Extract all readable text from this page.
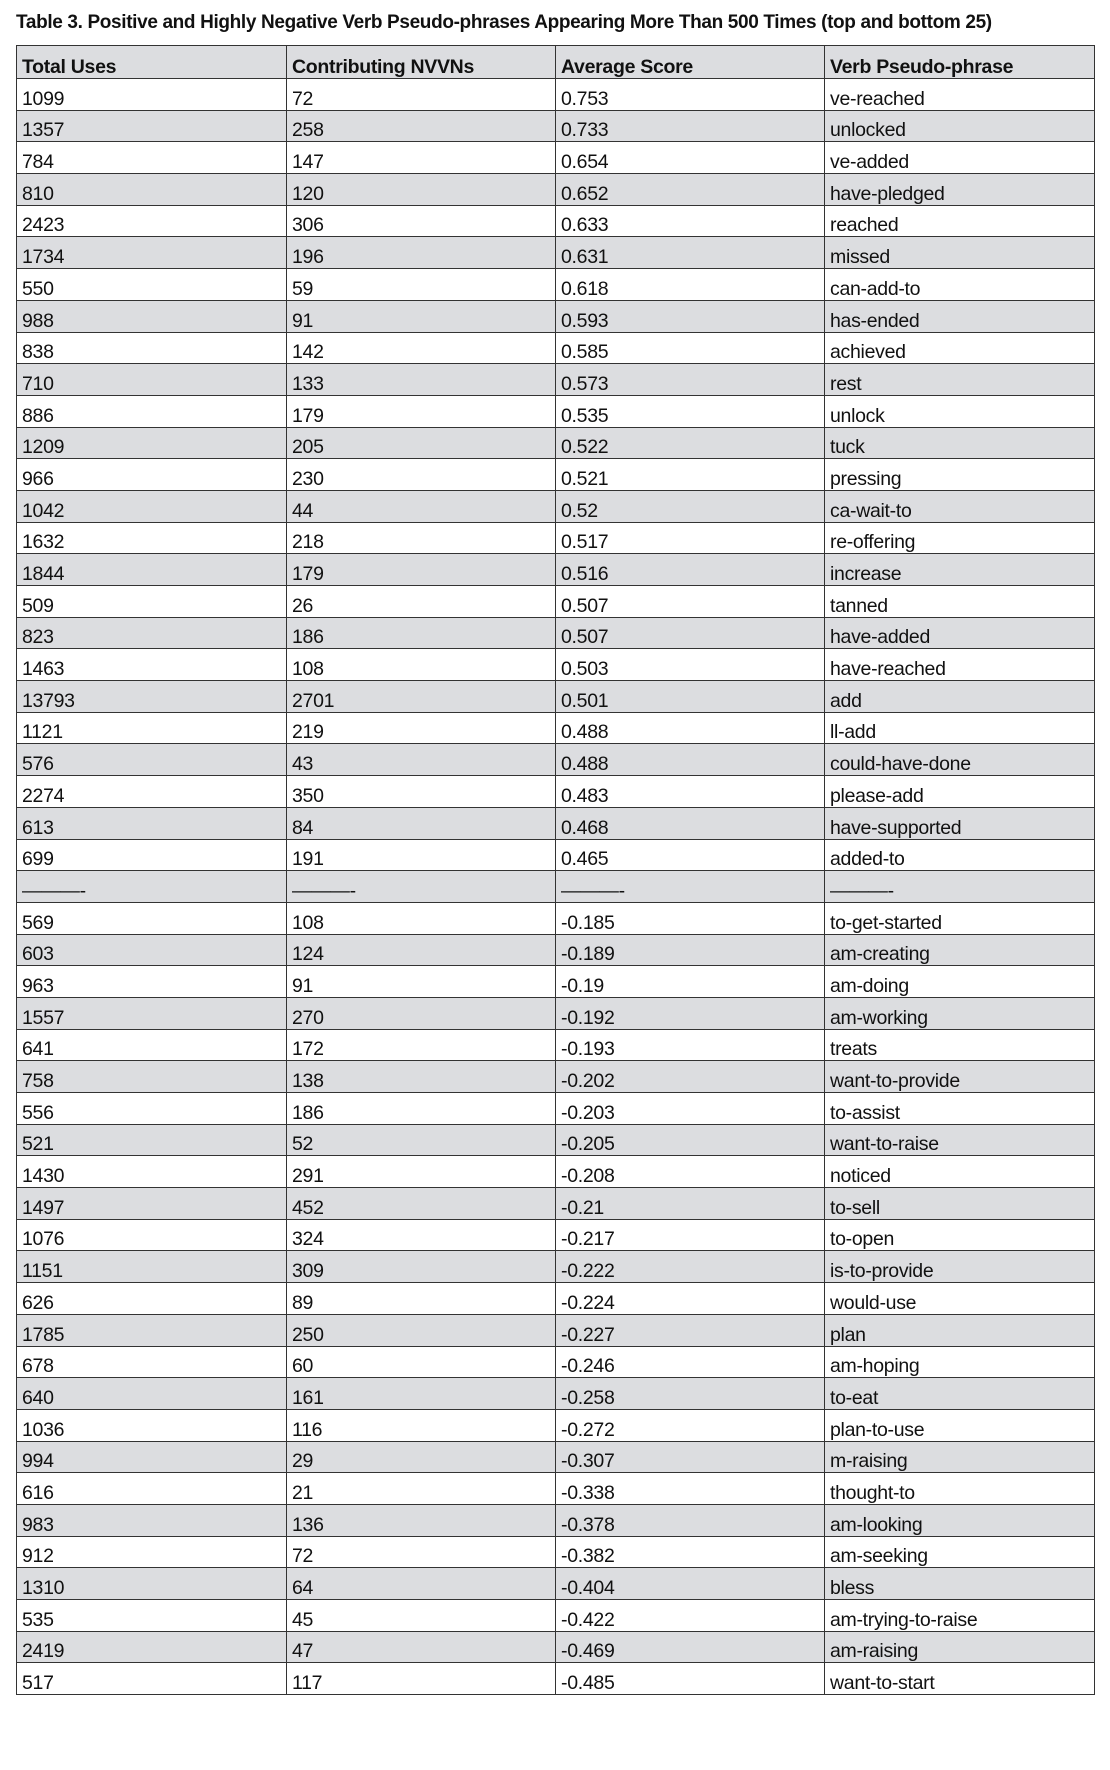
Table 3. Positive and Highly Negative Verb Pseudo-phrases Appearing More Than 500 Times (top and bottom 25)
Total Uses	Contributing NVVNs	Average Score	Verb Pseudo-phrase
1099	72	0.753	ve-reached
1357	258	0.733	unlocked
784	147	0.654	ve-added
810	120	0.652	have-pledged
2423	306	0.633	reached
1734	196	0.631	missed
550	59	0.618	can-add-to
988	91	0.593	has-ended
838	142	0.585	achieved
710	133	0.573	rest
886	179	0.535	unlock
1209	205	0.522	tuck
966	230	0.521	pressing
1042	44	0.52	ca-wait-to
1632	218	0.517	re-offering
1844	179	0.516	increase
509	26	0.507	tanned
823	186	0.507	have-added
1463	108	0.503	have-reached
13793	2701	0.501	add
1121	219	0.488	ll-add
576	43	0.488	could-have-done
2274	350	0.483	please-add
613	84	0.468	have-supported
699	191	0.465	added-to
———-	———-	———-	———-
569	108	-0.185	to-get-started
603	124	-0.189	am-creating
963	91	-0.19	am-doing
1557	270	-0.192	am-working
641	172	-0.193	treats
758	138	-0.202	want-to-provide
556	186	-0.203	to-assist
521	52	-0.205	want-to-raise
1430	291	-0.208	noticed
1497	452	-0.21	to-sell
1076	324	-0.217	to-open
1151	309	-0.222	is-to-provide
626	89	-0.224	would-use
1785	250	-0.227	plan
678	60	-0.246	am-hoping
640	161	-0.258	to-eat
1036	116	-0.272	plan-to-use
994	29	-0.307	m-raising
616	21	-0.338	thought-to
983	136	-0.378	am-looking
912	72	-0.382	am-seeking
1310	64	-0.404	bless
535	45	-0.422	am-trying-to-raise
2419	47	-0.469	am-raising
517	117	-0.485	want-to-start
